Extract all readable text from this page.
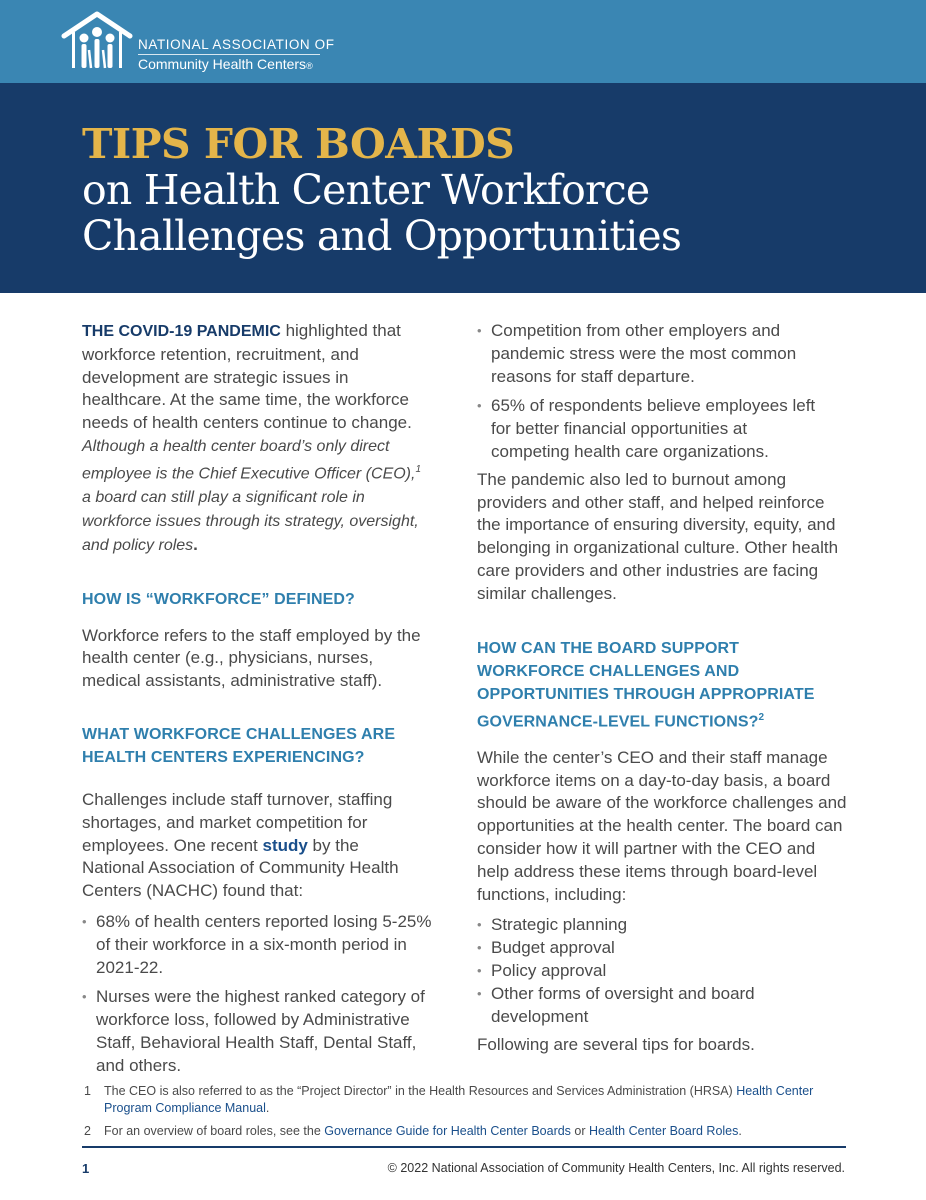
NATIONAL ASSOCIATION OF
Community Health Centers®
TIPS FOR BOARDS
on Health Center Workforce
Challenges and Opportunities

THE COVID-19 PANDEMIC highlighted that workforce retention, recruitment, and development are strategic issues in healthcare. At the same time, the workforce needs of health centers continue to change. Although a health center board’s only direct employee is the Chief Executive Officer (CEO),$^1$ a board can still play a significant role in workforce issues through its strategy, oversight, and policy roles.

HOW IS “WORKFORCE” DEFINED?

Workforce refers to the staff employed by the health center (e.g., physicians, nurses, medical assistants, administrative staff).

WHAT WORKFORCE CHALLENGES ARE HEALTH CENTERS EXPERIENCING?

Challenges include staff turnover, staffing shortages, and market competition for employees. One recent study by the National Association of Community Health Centers (NACHC) found that:

• 68% of health centers reported losing 5-25% of their workforce in a six-month period in 2021-22.
• Nurses were the highest ranked category of workforce loss, followed by Administrative Staff, Behavioral Health Staff, Dental Staff, and others.
• Competition from other employers and pandemic stress were the most common reasons for staff departure.
• 65% of respondents believe employees left for better financial opportunities at competing health care organizations.

The pandemic also led to burnout among providers and other staff, and helped reinforce the importance of ensuring diversity, equity, and belonging in organizational culture. Other health care providers and other industries are facing similar challenges.

HOW CAN THE BOARD SUPPORT WORKFORCE CHALLENGES AND OPPORTUNITIES THROUGH APPROPRIATE GOVERNANCE-LEVEL FUNCTIONS?$^2$

While the center’s CEO and their staff manage workforce items on a day-to-day basis, a board should be aware of the workforce challenges and opportunities at the health center. The board can consider how it will partner with the CEO and help address these items through board-level functions, including:

• Strategic planning
• Budget approval
• Policy approval
• Other forms of oversight and board development

Following are several tips for boards.

1 The CEO is also referred to as the “Project Director” in the Health Resources and Services Administration (HRSA) Health Center Program Compliance Manual.
2 For an overview of board roles, see the Governance Guide for Health Center Boards or Health Center Board Roles.
1	© 2022 National Association of Community Health Centers, Inc. All rights reserved.
